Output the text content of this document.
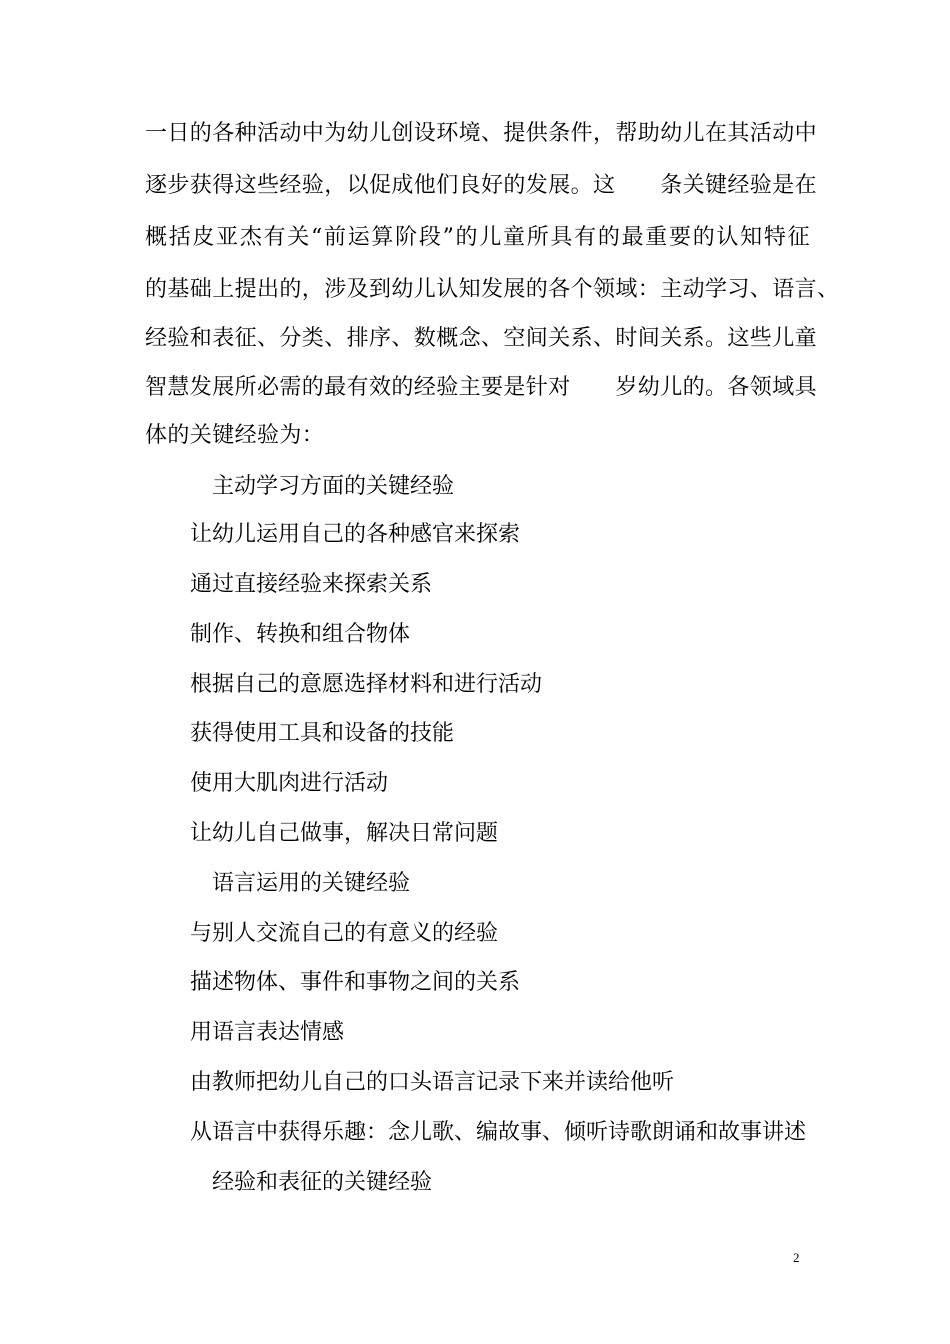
一日的各种活动中为幼儿创设环境、提供条件，帮助幼儿在其活动中
逐步获得这些经验，以促成他们良好的发展。这　　条关键经验是在
概括皮亚杰有关“前运算阶段”的儿童所具有的最重要的认知特征
的基础上提出的，涉及到幼儿认知发展的各个领域：主动学习、语言、
经验和表征、分类、排序、数概念、空间关系、时间关系。这些儿童
智慧发展所必需的最有效的经验主要是针对　　岁幼儿的。各领域具
体的关键经验为：
主动学习方面的关键经验
让幼儿运用自己的各种感官来探索
通过直接经验来探索关系
制作、转换和组合物体
根据自己的意愿选择材料和进行活动
获得使用工具和设备的技能
使用大肌肉进行活动
让幼儿自己做事，解决日常问题
语言运用的关键经验
与别人交流自己的有意义的经验
描述物体、事件和事物之间的关系
用语言表达情感
由教师把幼儿自己的口头语言记录下来并读给他听
从语言中获得乐趣：念儿歌、编故事、倾听诗歌朗诵和故事讲述
经验和表征的关键经验
2
